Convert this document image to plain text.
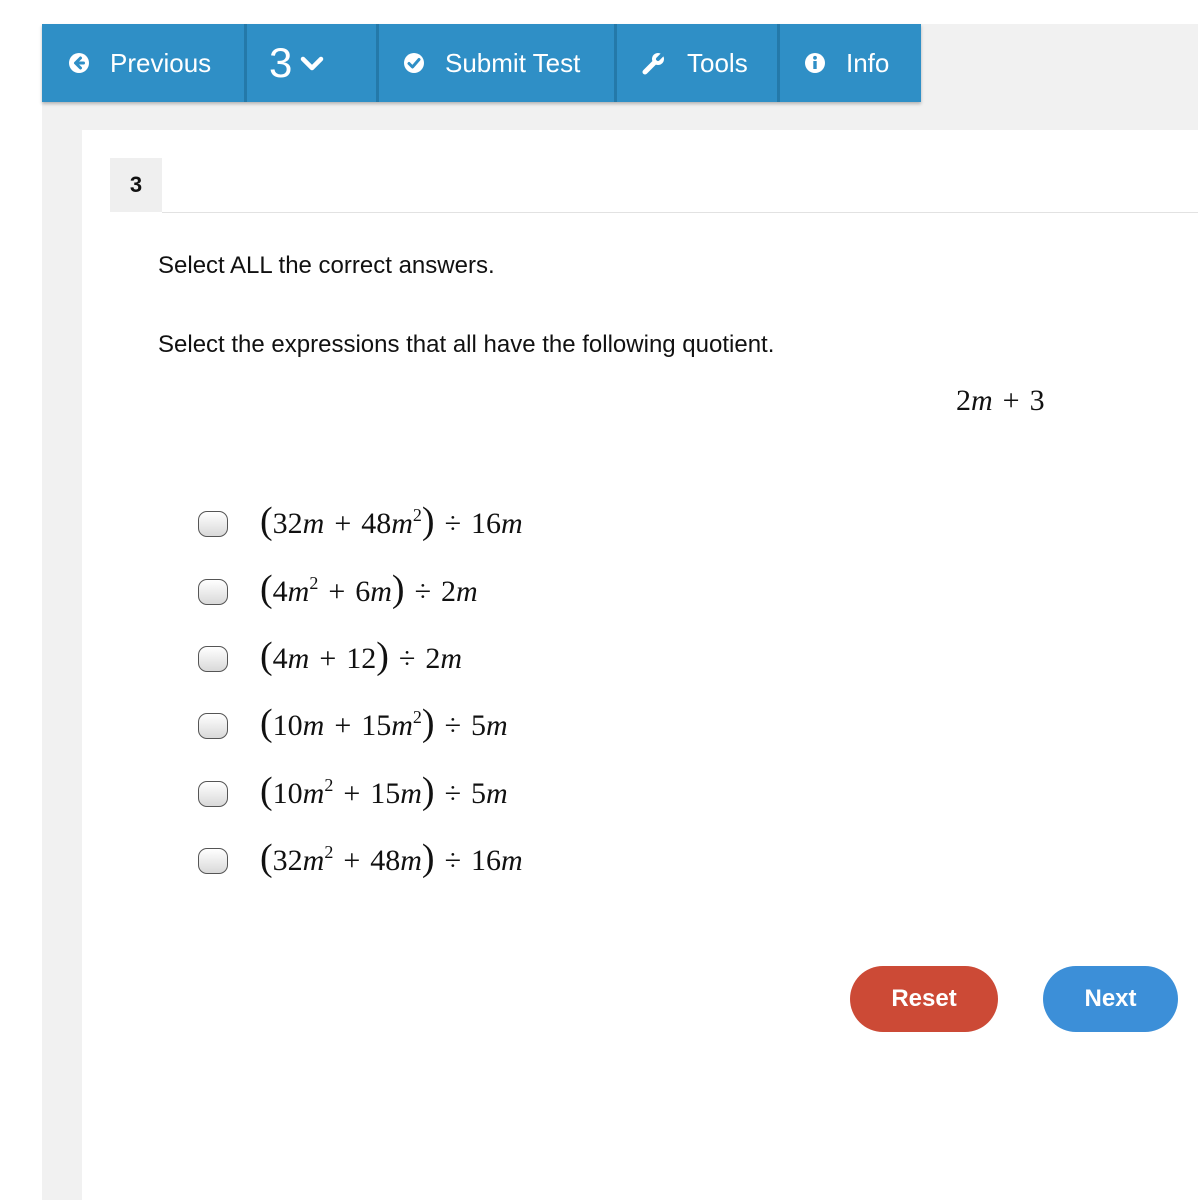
Previous 3	Submit Test	Tools	Info
3
Select ALL the correct answers.
Select the expressions that all have the following quotient.
2m + 3
$(32m + 48m^2) \div 16m$
$(4m^2 + 6m) \div 2m$
(4m + 12) ÷ 2m
$(10m + 15m^2) \div 5m$
$(10m^2 + 15m) \div 5m$
$(32m^2 + 48m) \div 16m$
Reset	Next
